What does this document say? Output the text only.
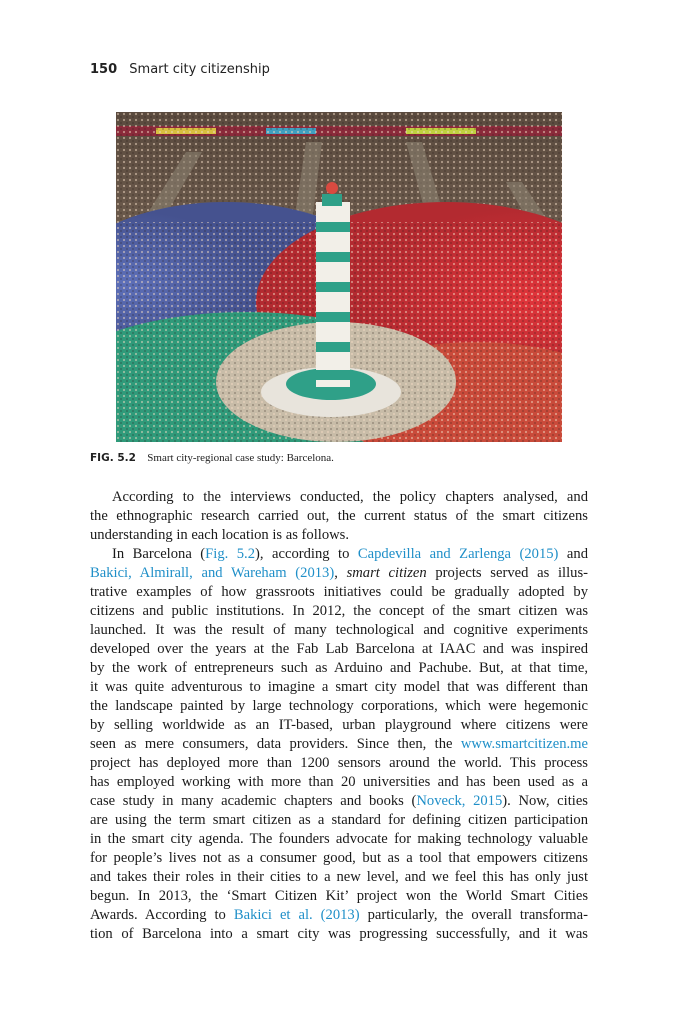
150 Smart city citizenship
FIG. 5.2 Smart city-regional case study: Barcelona.
According to the interviews conducted, the policy chapters analysed, and
the ethnographic research carried out, the current status of the smart citizens
understanding in each location is as follows.
In Barcelona (Fig. 5.2), according to Capdevilla and Zarlenga (2015) and
Bakici, Almirall, and Wareham (2013), smart citizen projects served as illus-
trative examples of how grassroots initiatives could be gradually adopted by
citizens and public institutions. In 2012, the concept of the smart citizen was
launched. It was the result of many technological and cognitive experiments
developed over the years at the Fab Lab Barcelona at IAAC and was inspired
by the work of entrepreneurs such as Arduino and Pachube. But, at that time,
it was quite adventurous to imagine a smart city model that was different than
the landscape painted by large technology corporations, which were hegemonic
by selling worldwide as an IT-based, urban playground where citizens were
seen as mere consumers, data providers. Since then, the www.smartcitizen.me
project has deployed more than 1200 sensors around the world. This process
has employed working with more than 20 universities and has been used as a
case study in many academic chapters and books (Noveck, 2015). Now, cities
are using the term smart citizen as a standard for defining citizen participation
in the smart city agenda. The founders advocate for making technology valuable
for people’s lives not as a consumer good, but as a tool that empowers citizens
and takes their roles in their cities to a new level, and we feel this has only just
begun. In 2013, the ‘Smart Citizen Kit’ project won the World Smart Cities
Awards. According to Bakici et al. (2013) particularly, the overall transforma-
tion of Barcelona into a smart city was progressing successfully, and it was
